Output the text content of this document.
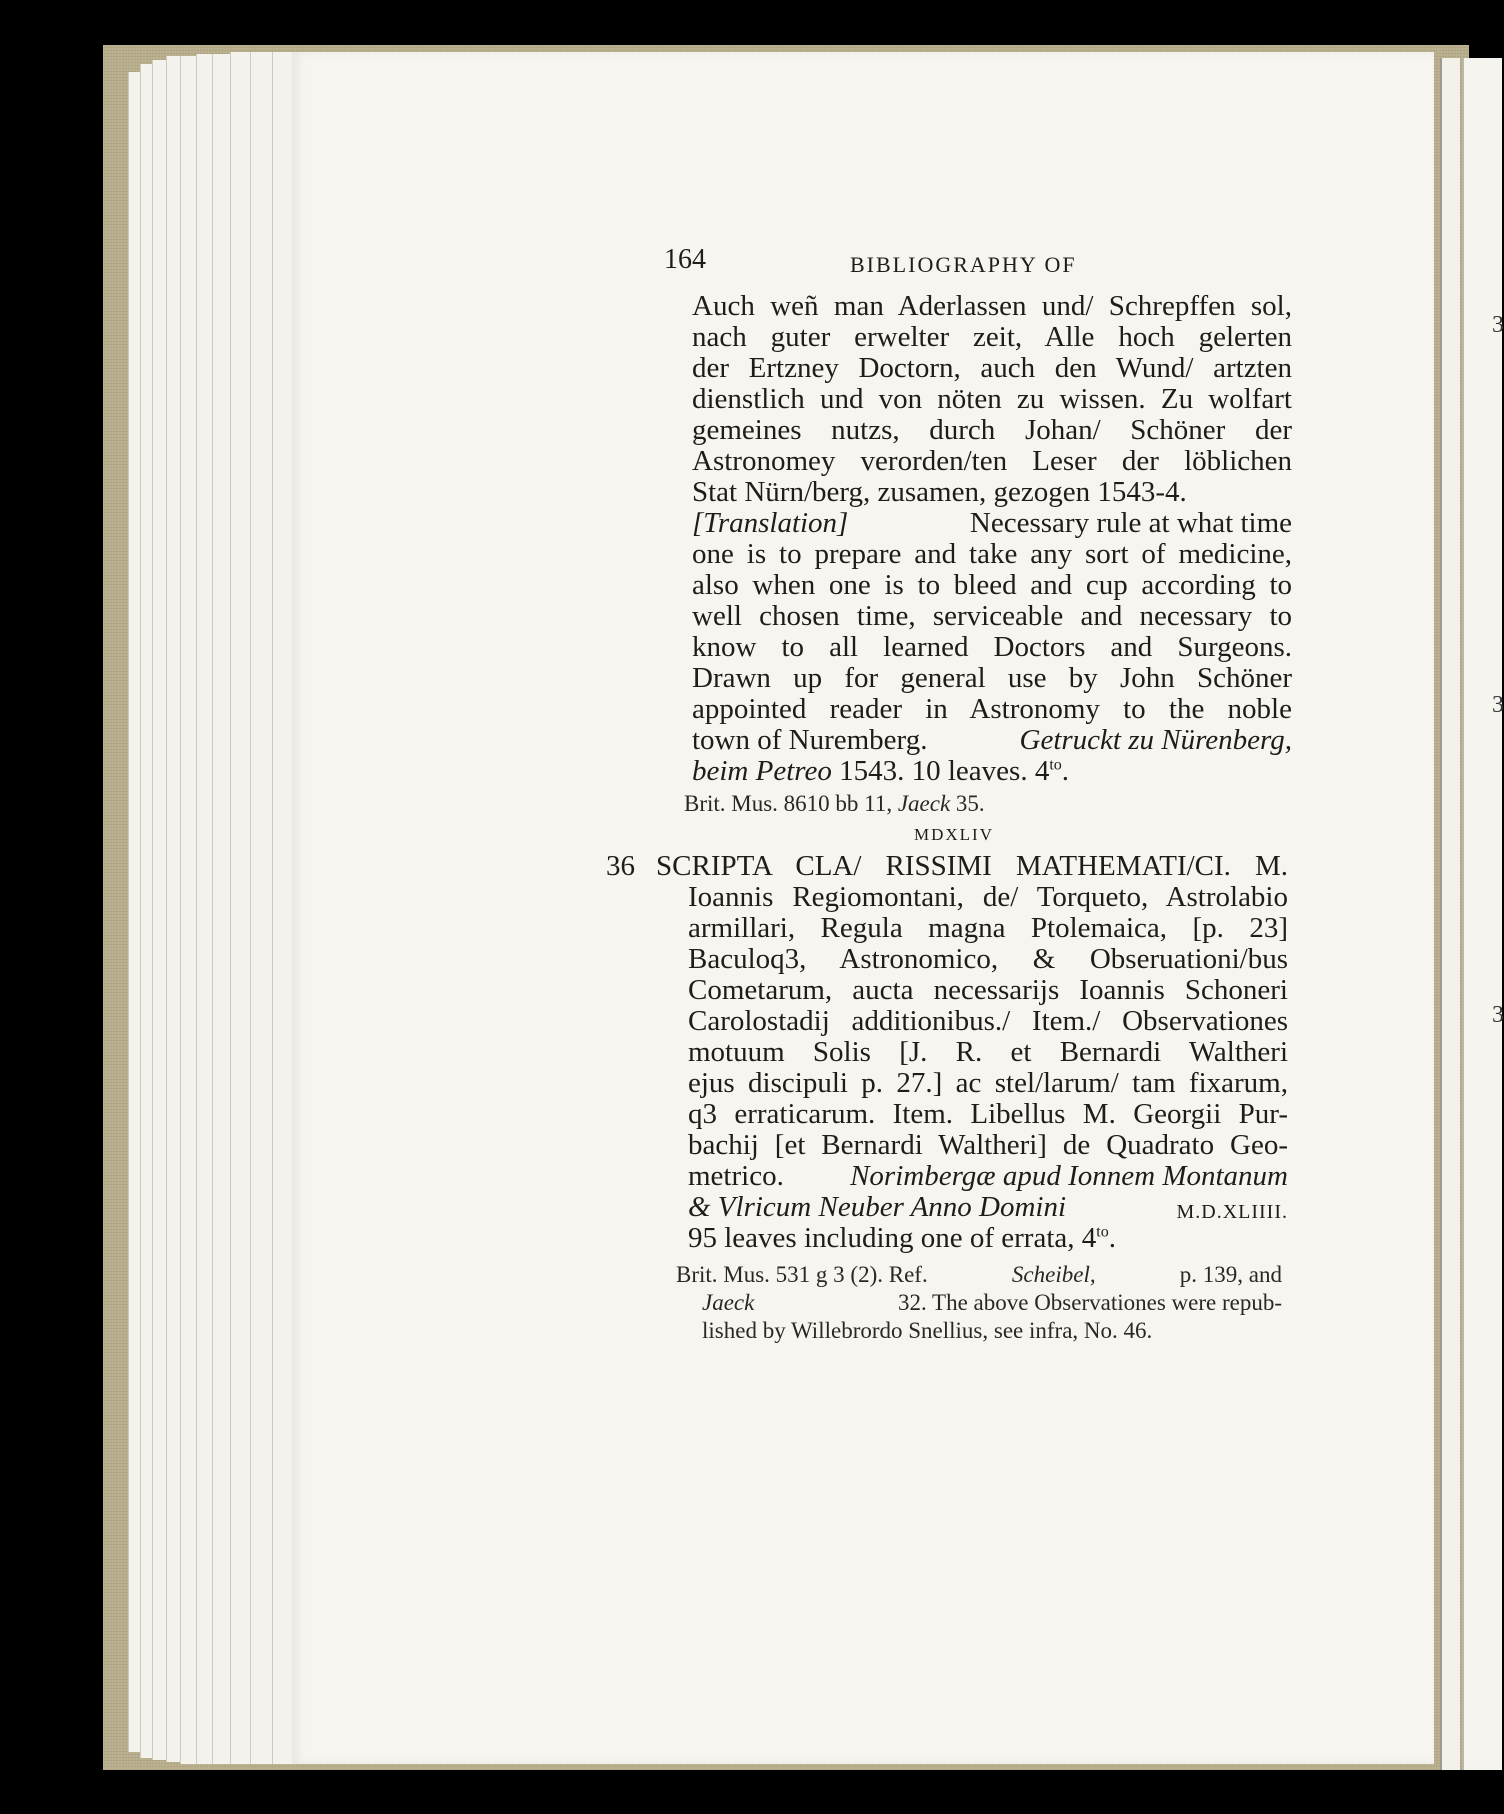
3
3
3
164	BIBLIOGRAPHY OF
Auch weñ man Aderlassen und/ Schrepffen sol,
nach guter erwelter zeit, Alle hoch gelerten
der Ertzney Doctorn, auch den Wund/ artzten
dienstlich und von nöten zu wissen. Zu wolfart
gemeines nutzs, durch Johan/ Schöner der
Astronomey verorden/ten Leser der löblichen
Stat Nürn/berg, zusamen, gezogen 1543-4.
[Translation]	Necessary rule at what time
one is to prepare and take any sort of medicine,
also when one is to bleed and cup according to
well chosen time, serviceable and necessary to
know to all learned Doctors and Surgeons.
Drawn up for general use by John Schöner
appointed reader in Astronomy to the noble
town of Nuremberg.	Getruckt zu Nürenberg,
beim Petreo 1543. 10 leaves. $4^{to}$.
Brit. Mus. 8610 bb 11, Jaeck 35.
MDXLIV
36 SCRIPTA CLA/ RISSIMI MATHEMATI/CI. M.
Ioannis Regiomontani, de/ Torqueto, Astrolabio
armillari, Regula magna Ptolemaica, [p. 23]
Baculoq3, Astronomico, & Obseruationi/bus
Cometarum, aucta necessarijs Ioannis Schoneri
Carolostadij additionibus./ Item./ Observationes
motuum Solis [J. R. et Bernardi Waltheri
ejus discipuli p. 27.] ac stel/larum/ tam fixarum,
q3 erraticarum. Item. Libellus M. Georgii Pur-
bachij [et Bernardi Waltheri] de Quadrato Geo-
metrico. Norimbergæ apud Ionnem Montanum
& Vlricum Neuber Anno Domini	M.D.XLIIII.
95 leaves including one of errata, $4^{to}$.
Brit. Mus. 531 g 3 (2). Ref.	Scheibel,	p. 139, and
Jaeck	32. The above Observationes were repub-
lished by Willebrordo Snellius, see infra, No. 46.
